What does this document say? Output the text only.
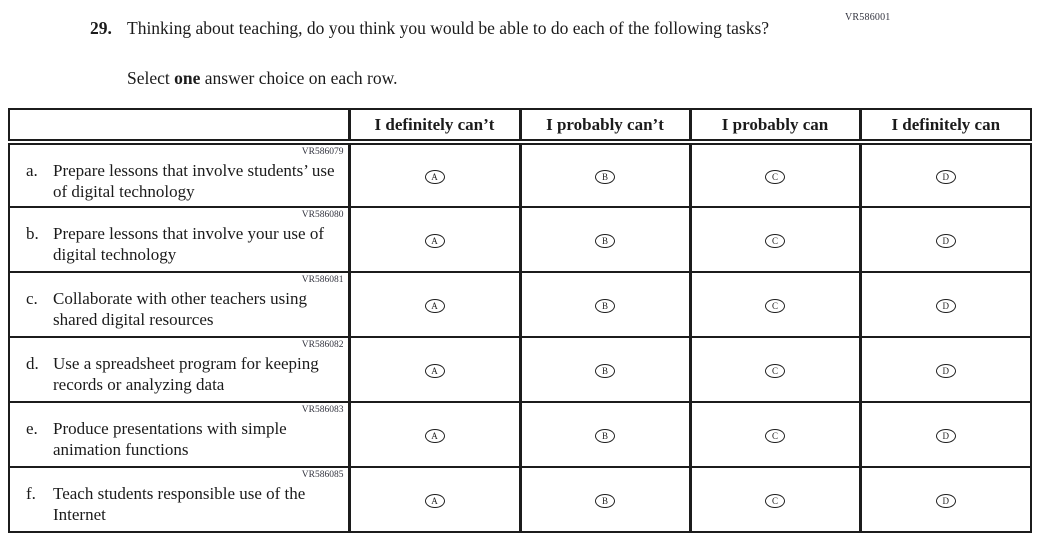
VR586001
29. Thinking about teaching, do you think you would be able to do each of the following tasks?
Select one answer choice on each row.
	I definitely can’t	I probably can’t	I probably can	I definitely can

VR586079
a. Prepare lessons that involve students’ use of digital technology	A	B	C	D

VR586080
b. Prepare lessons that involve your use of digital technology	A	B	C	D

VR586081
c. Collaborate with other teachers using shared digital resources	A	B	C	D

VR586082
d. Use a spreadsheet program for keeping records or analyzing data	A	B	C	D

VR586083
e. Produce presentations with simple animation functions	A	B	C	D

VR586085
f. Teach students responsible use of the Internet	A	B	C	D
